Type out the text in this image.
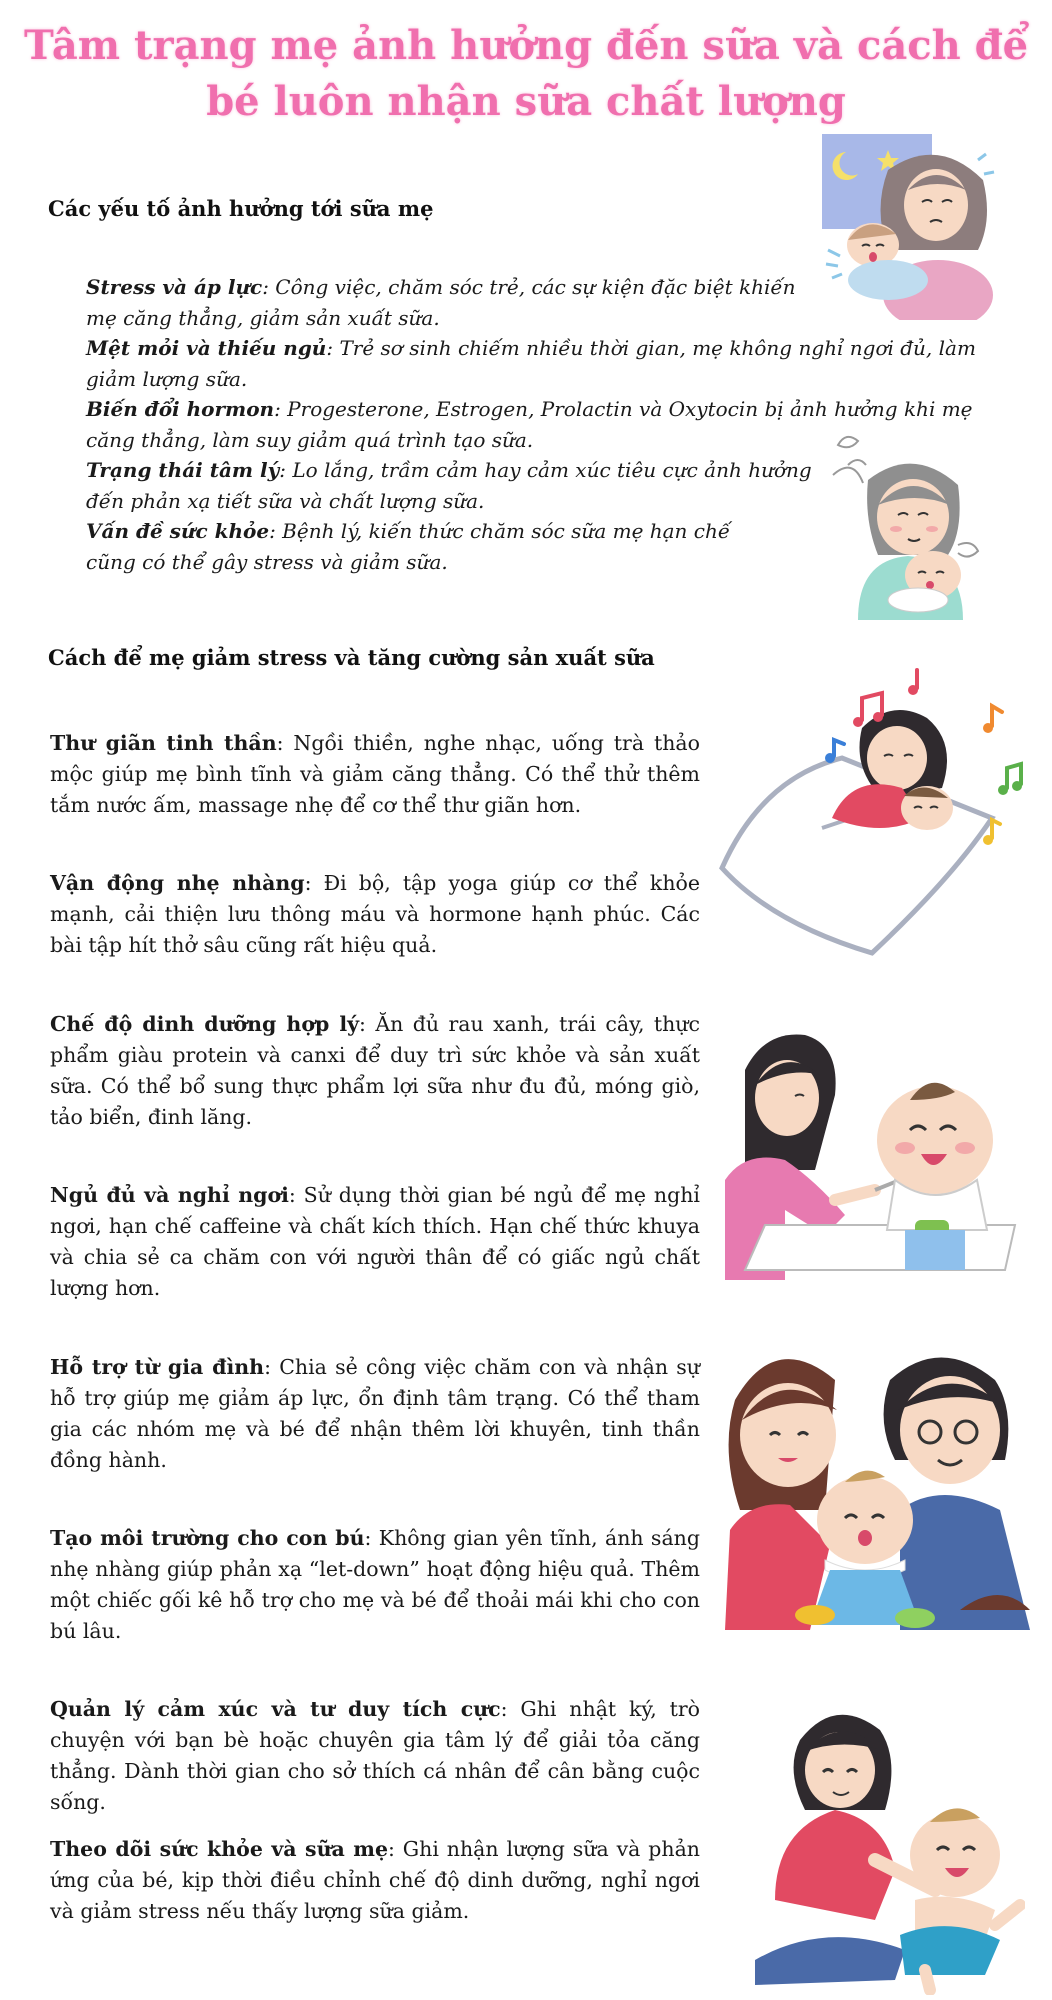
Tâm trạng mẹ ảnh hưởng đến sữa và cách để bé luôn nhận sữa chất lượng
Các yếu tố ảnh hưởng tới sữa mẹ

Stress và áp lực: Công việc, chăm sóc trẻ, các sự kiện đặc biệt khiến mẹ căng thẳng, giảm sản xuất sữa.

Mệt mỏi và thiếu ngủ: Trẻ sơ sinh chiếm nhiều thời gian, mẹ không nghỉ ngơi đủ, làm giảm lượng sữa.

Biến đổi hormon: Progesterone, Estrogen, Prolactin và Oxytocin bị ảnh hưởng khi mẹ căng thẳng, làm suy giảm quá trình tạo sữa.

Trạng thái tâm lý: Lo lắng, trầm cảm hay cảm xúc tiêu cực ảnh hưởng đến phản xạ tiết sữa và chất lượng sữa.

Vấn đề sức khỏe: Bệnh lý, kiến thức chăm sóc sữa mẹ hạn chế cũng có thể gây stress và giảm sữa.

Cách để mẹ giảm stress và tăng cường sản xuất sữa

Thư giãn tinh thần: Ngồi thiền, nghe nhạc, uống trà thảo mộc giúp mẹ bình tĩnh và giảm căng thẳng. Có thể thử thêm tắm nước ấm, massage nhẹ để cơ thể thư giãn hơn.

Vận động nhẹ nhàng: Đi bộ, tập yoga giúp cơ thể khỏe mạnh, cải thiện lưu thông máu và hormone hạnh phúc. Các bài tập hít thở sâu cũng rất hiệu quả.

Chế độ dinh dưỡng hợp lý: Ăn đủ rau xanh, trái cây, thực phẩm giàu protein và canxi để duy trì sức khỏe và sản xuất sữa. Có thể bổ sung thực phẩm lợi sữa như đu đủ, móng giò, tảo biển, đinh lăng.

Ngủ đủ và nghỉ ngơi: Sử dụng thời gian bé ngủ để mẹ nghỉ ngơi, hạn chế caffeine và chất kích thích. Hạn chế thức khuya và chia sẻ ca chăm con với người thân để có giấc ngủ chất lượng hơn.

Hỗ trợ từ gia đình: Chia sẻ công việc chăm con và nhận sự hỗ trợ giúp mẹ giảm áp lực, ổn định tâm trạng. Có thể tham gia các nhóm mẹ và bé để nhận thêm lời khuyên, tinh thần đồng hành.

Tạo môi trường cho con bú: Không gian yên tĩnh, ánh sáng nhẹ nhàng giúp phản xạ “let-down” hoạt động hiệu quả. Thêm một chiếc gối kê hỗ trợ cho mẹ và bé để thoải mái khi cho con bú lâu.

Quản lý cảm xúc và tư duy tích cực: Ghi nhật ký, trò chuyện với bạn bè hoặc chuyên gia tâm lý để giải tỏa căng thẳng. Dành thời gian cho sở thích cá nhân để cân bằng cuộc sống.

Theo dõi sức khỏe và sữa mẹ: Ghi nhận lượng sữa và phản ứng của bé, kịp thời điều chỉnh chế độ dinh dưỡng, nghỉ ngơi và giảm stress nếu thấy lượng sữa giảm.
